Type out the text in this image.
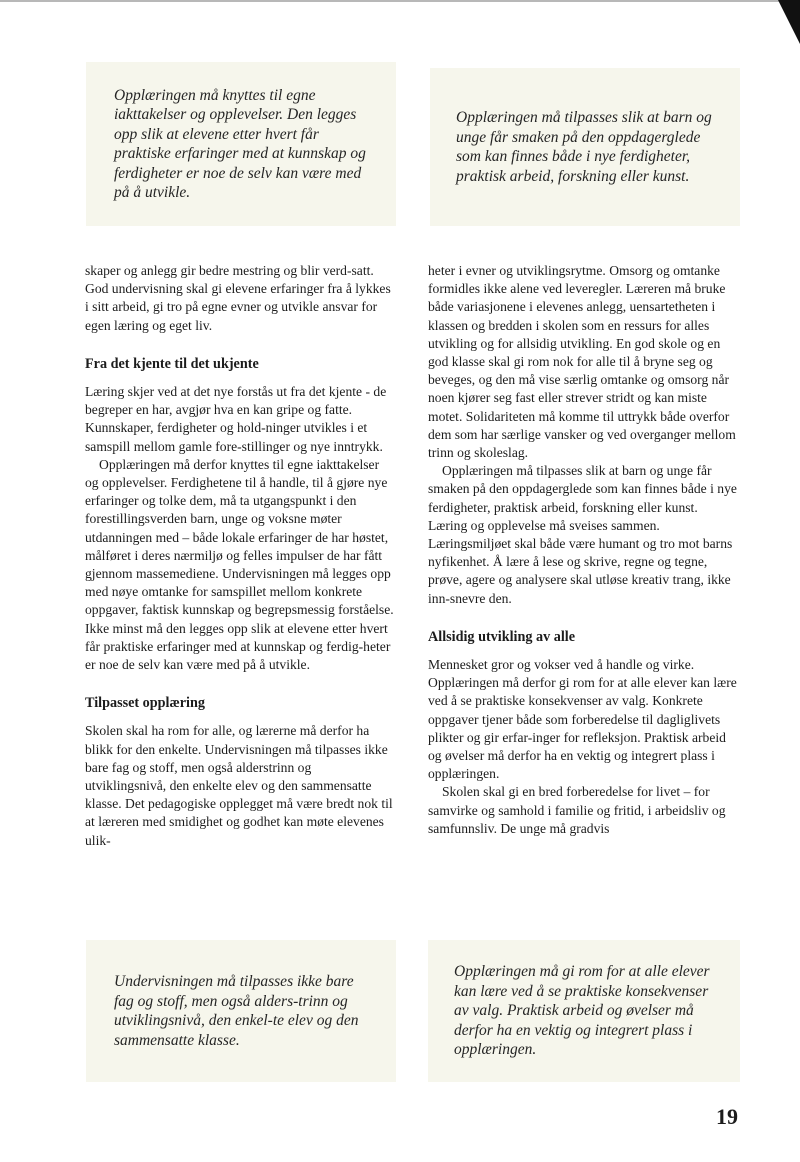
Opplæringen må knyttes til egne iakttakelser og opplevelser. Den legges opp slik at elevene etter hvert får praktiske erfaringer med at kunnskap og ferdigheter er noe de selv kan være med på å utvikle.

Opplæringen må tilpasses slik at barn og unge får smaken på den oppdagerglede som kan finnes både i nye ferdigheter, praktisk arbeid, forskning eller kunst.

skaper og anlegg gir bedre mestring og blir verd-satt. God undervisning skal gi elevene erfaringer fra å lykkes i sitt arbeid, gi tro på egne evner og utvikle ansvar for egen læring og eget liv.

Fra det kjente til det ukjente

Læring skjer ved at det nye forstås ut fra det kjente - de begreper en har, avgjør hva en kan gripe og fatte. Kunnskaper, ferdigheter og hold-ninger utvikles i et samspill mellom gamle fore-stillinger og nye inntrykk.

Opplæringen må derfor knyttes til egne iakttakelser og opplevelser. Ferdighetene til å handle, til å gjøre nye erfaringer og tolke dem, må ta utgangspunkt i den forestillingsverden barn, unge og voksne møter utdanningen med – både lokale erfaringer de har høstet, målføret i deres nærmiljø og felles impulser de har fått gjennom massemediene. Undervisningen må legges opp med nøye omtanke for samspillet mellom konkrete oppgaver, faktisk kunnskap og begrepsmessig forståelse. Ikke minst må den legges opp slik at elevene etter hvert får praktiske erfaringer med at kunnskap og ferdig-heter er noe de selv kan være med på å utvikle.

Tilpasset opplæring

Skolen skal ha rom for alle, og lærerne må derfor ha blikk for den enkelte. Undervisningen må tilpasses ikke bare fag og stoff, men også alderstrinn og utviklingsnivå, den enkelte elev og den sammensatte klasse. Det pedagogiske opplegget må være bredt nok til at læreren med smidighet og godhet kan møte elevenes ulik-

heter i evner og utviklingsrytme. Omsorg og omtanke formidles ikke alene ved leveregler. Læreren må bruke både variasjonene i elevenes anlegg, uensartetheten i klassen og bredden i skolen som en ressurs for alles utvikling og for allsidig utvikling. En god skole og en god klasse skal gi rom nok for alle til å bryne seg og beveges, og den må vise særlig omtanke og omsorg når noen kjører seg fast eller strever stridt og kan miste motet. Solidariteten må komme til uttrykk både overfor dem som har særlige vansker og ved overganger mellom trinn og skoleslag.

Opplæringen må tilpasses slik at barn og unge får smaken på den oppdagerglede som kan finnes både i nye ferdigheter, praktisk arbeid, forskning eller kunst. Læring og opplevelse må sveises sammen. Læringsmiljøet skal både være humant og tro mot barns nyfikenhet. Å lære å lese og skrive, regne og tegne, prøve, agere og analysere skal utløse kreativ trang, ikke inn-snevre den.

Allsidig utvikling av alle

Mennesket gror og vokser ved å handle og virke. Opplæringen må derfor gi rom for at alle elever kan lære ved å se praktiske konsekvenser av valg. Konkrete oppgaver tjener både som forberedelse til dagliglivets plikter og gir erfar-inger for refleksjon. Praktisk arbeid og øvelser må derfor ha en vektig og integrert plass i opplæringen.

Skolen skal gi en bred forberedelse for livet – for samvirke og samhold i familie og fritid, i arbeidsliv og samfunnsliv. De unge må gradvis

Undervisningen må tilpasses ikke bare fag og stoff, men også alders-trinn og utviklingsnivå, den enkel-te elev og den sammensatte klasse.

Opplæringen må gi rom for at alle elever kan lære ved å se praktiske konsekvenser av valg. Praktisk arbeid og øvelser må derfor ha en vektig og integrert plass i opplæringen.

19
